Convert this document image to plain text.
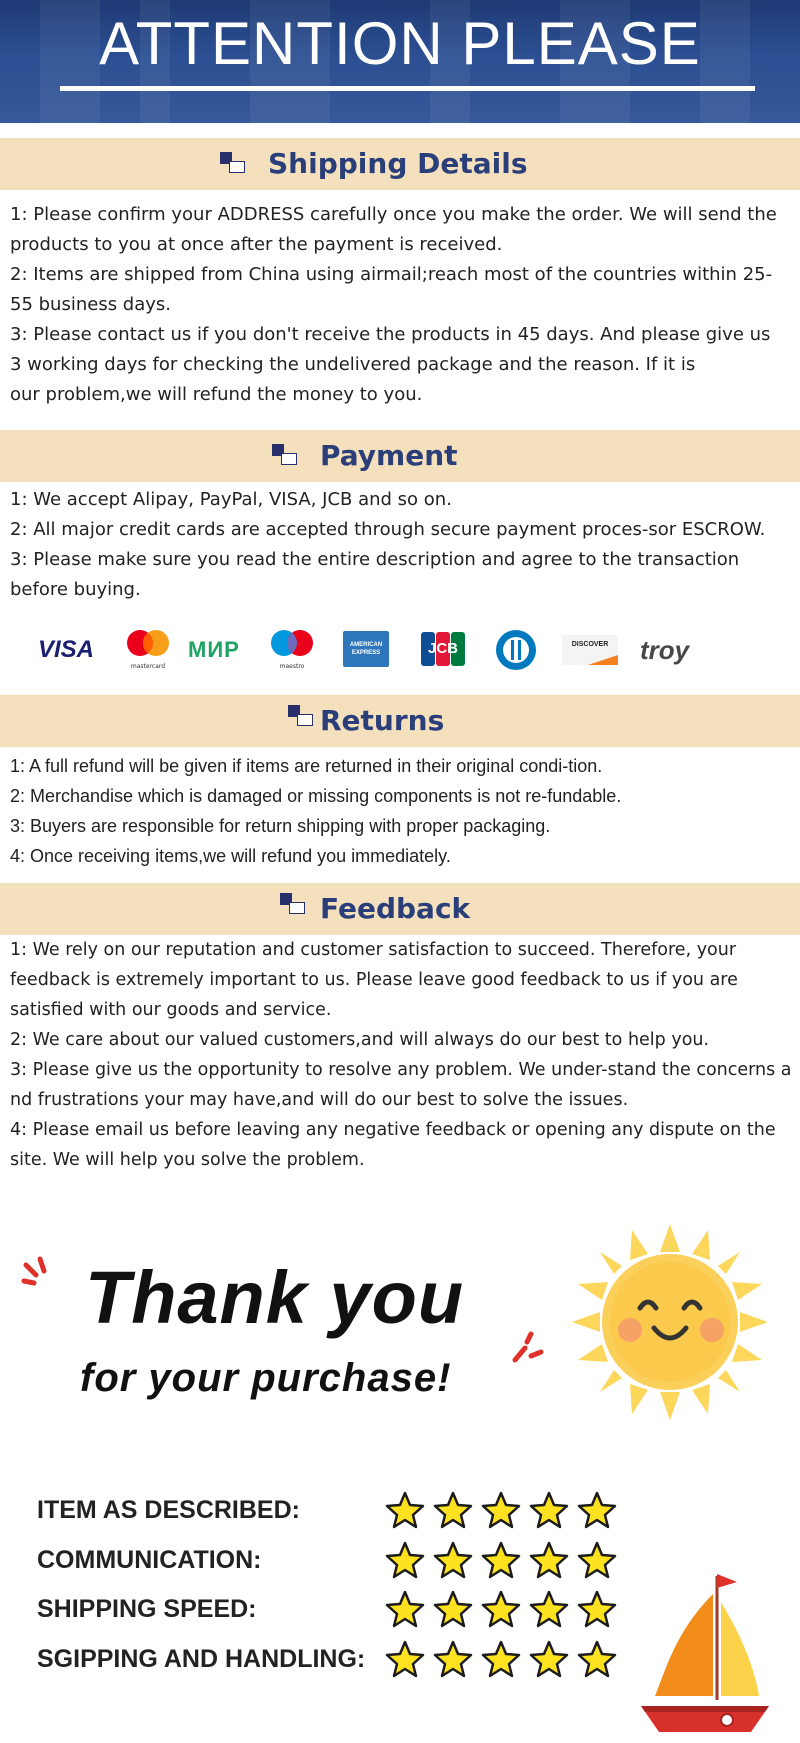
ATTENTION PLEASE
Shipping Details
1: Please confirm your ADDRESS carefully once you make the order. We will send the
products to you at once after the payment is received.
2: Items are shipped from China using airmail;reach most of the countries within 25-
55 business days.
3: Please contact us if you don't receive the products in 45 days. And please give us
3 working days for checking the undelivered package and the reason. If it is
our problem,we will refund the money to you.
Payment
1: We accept Alipay, PayPal, VISA, JCB and so on.
2: All major credit cards are accepted through secure payment proces-sor ESCROW.
3: Please make sure you read the entire description and agree to the transaction
before buying.
VISA
mastercard
МИР
maestro
AMERICAN EXPRESS	JCB	DISCOVER	troy
Returns
1: A full refund will be given if items are returned in their original condi-tion.
2: Merchandise which is damaged or missing components is not re-fundable.
3: Buyers are responsible for return shipping with proper packaging.
4: Once receiving items,we will refund you immediately.
Feedback
1: We rely on our reputation and customer satisfaction to succeed. Therefore, your
feedback is extremely important to us. Please leave good feedback to us if you are
satisfied with our goods and service.
2: We care about our valued customers,and will always do our best to help you.
3: Please give us the opportunity to resolve any problem. We under-stand the concerns a
nd frustrations your may have,and will do our best to solve the issues.
4: Please email us before leaving any negative feedback or opening any dispute on the
site. We will help you solve the problem.
Thank you
for your purchase!
ITEM AS DESCRIBED:
COMMUNICATION:
SHIPPING SPEED:
SGIPPING AND HANDLING:
